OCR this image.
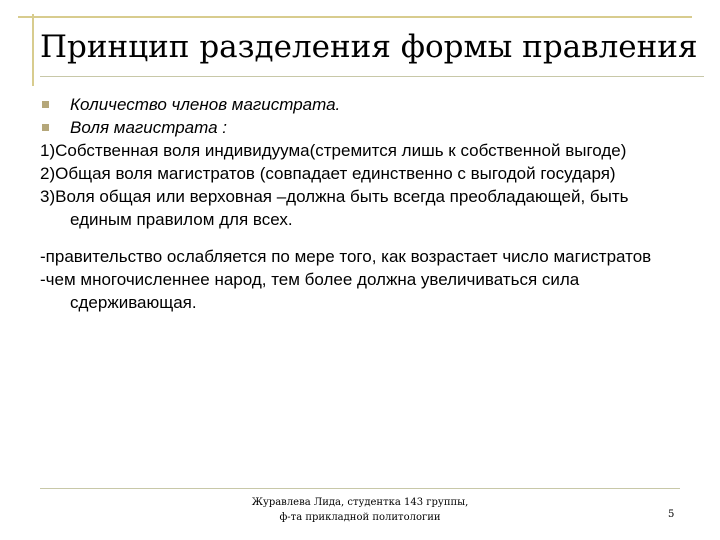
Принцип разделения формы правления
Количество членов магистрата.
Воля магистрата :
1)Собственная воля индивидуума(стремится лишь к собственной выгоде)
2)Общая воля магистратов (совпадает единственно с выгодой государя)
3)Воля общая или верховная –должна быть всегда преобладающей, быть единым правилом для всех.
-правительство ослабляется по мере того, как возрастает число магистратов
-чем многочисленнее народ, тем более должна увеличиваться сила сдерживающая.
Журавлева Лида, студентка 143 группы,
ф-та прикладной политологии	5
